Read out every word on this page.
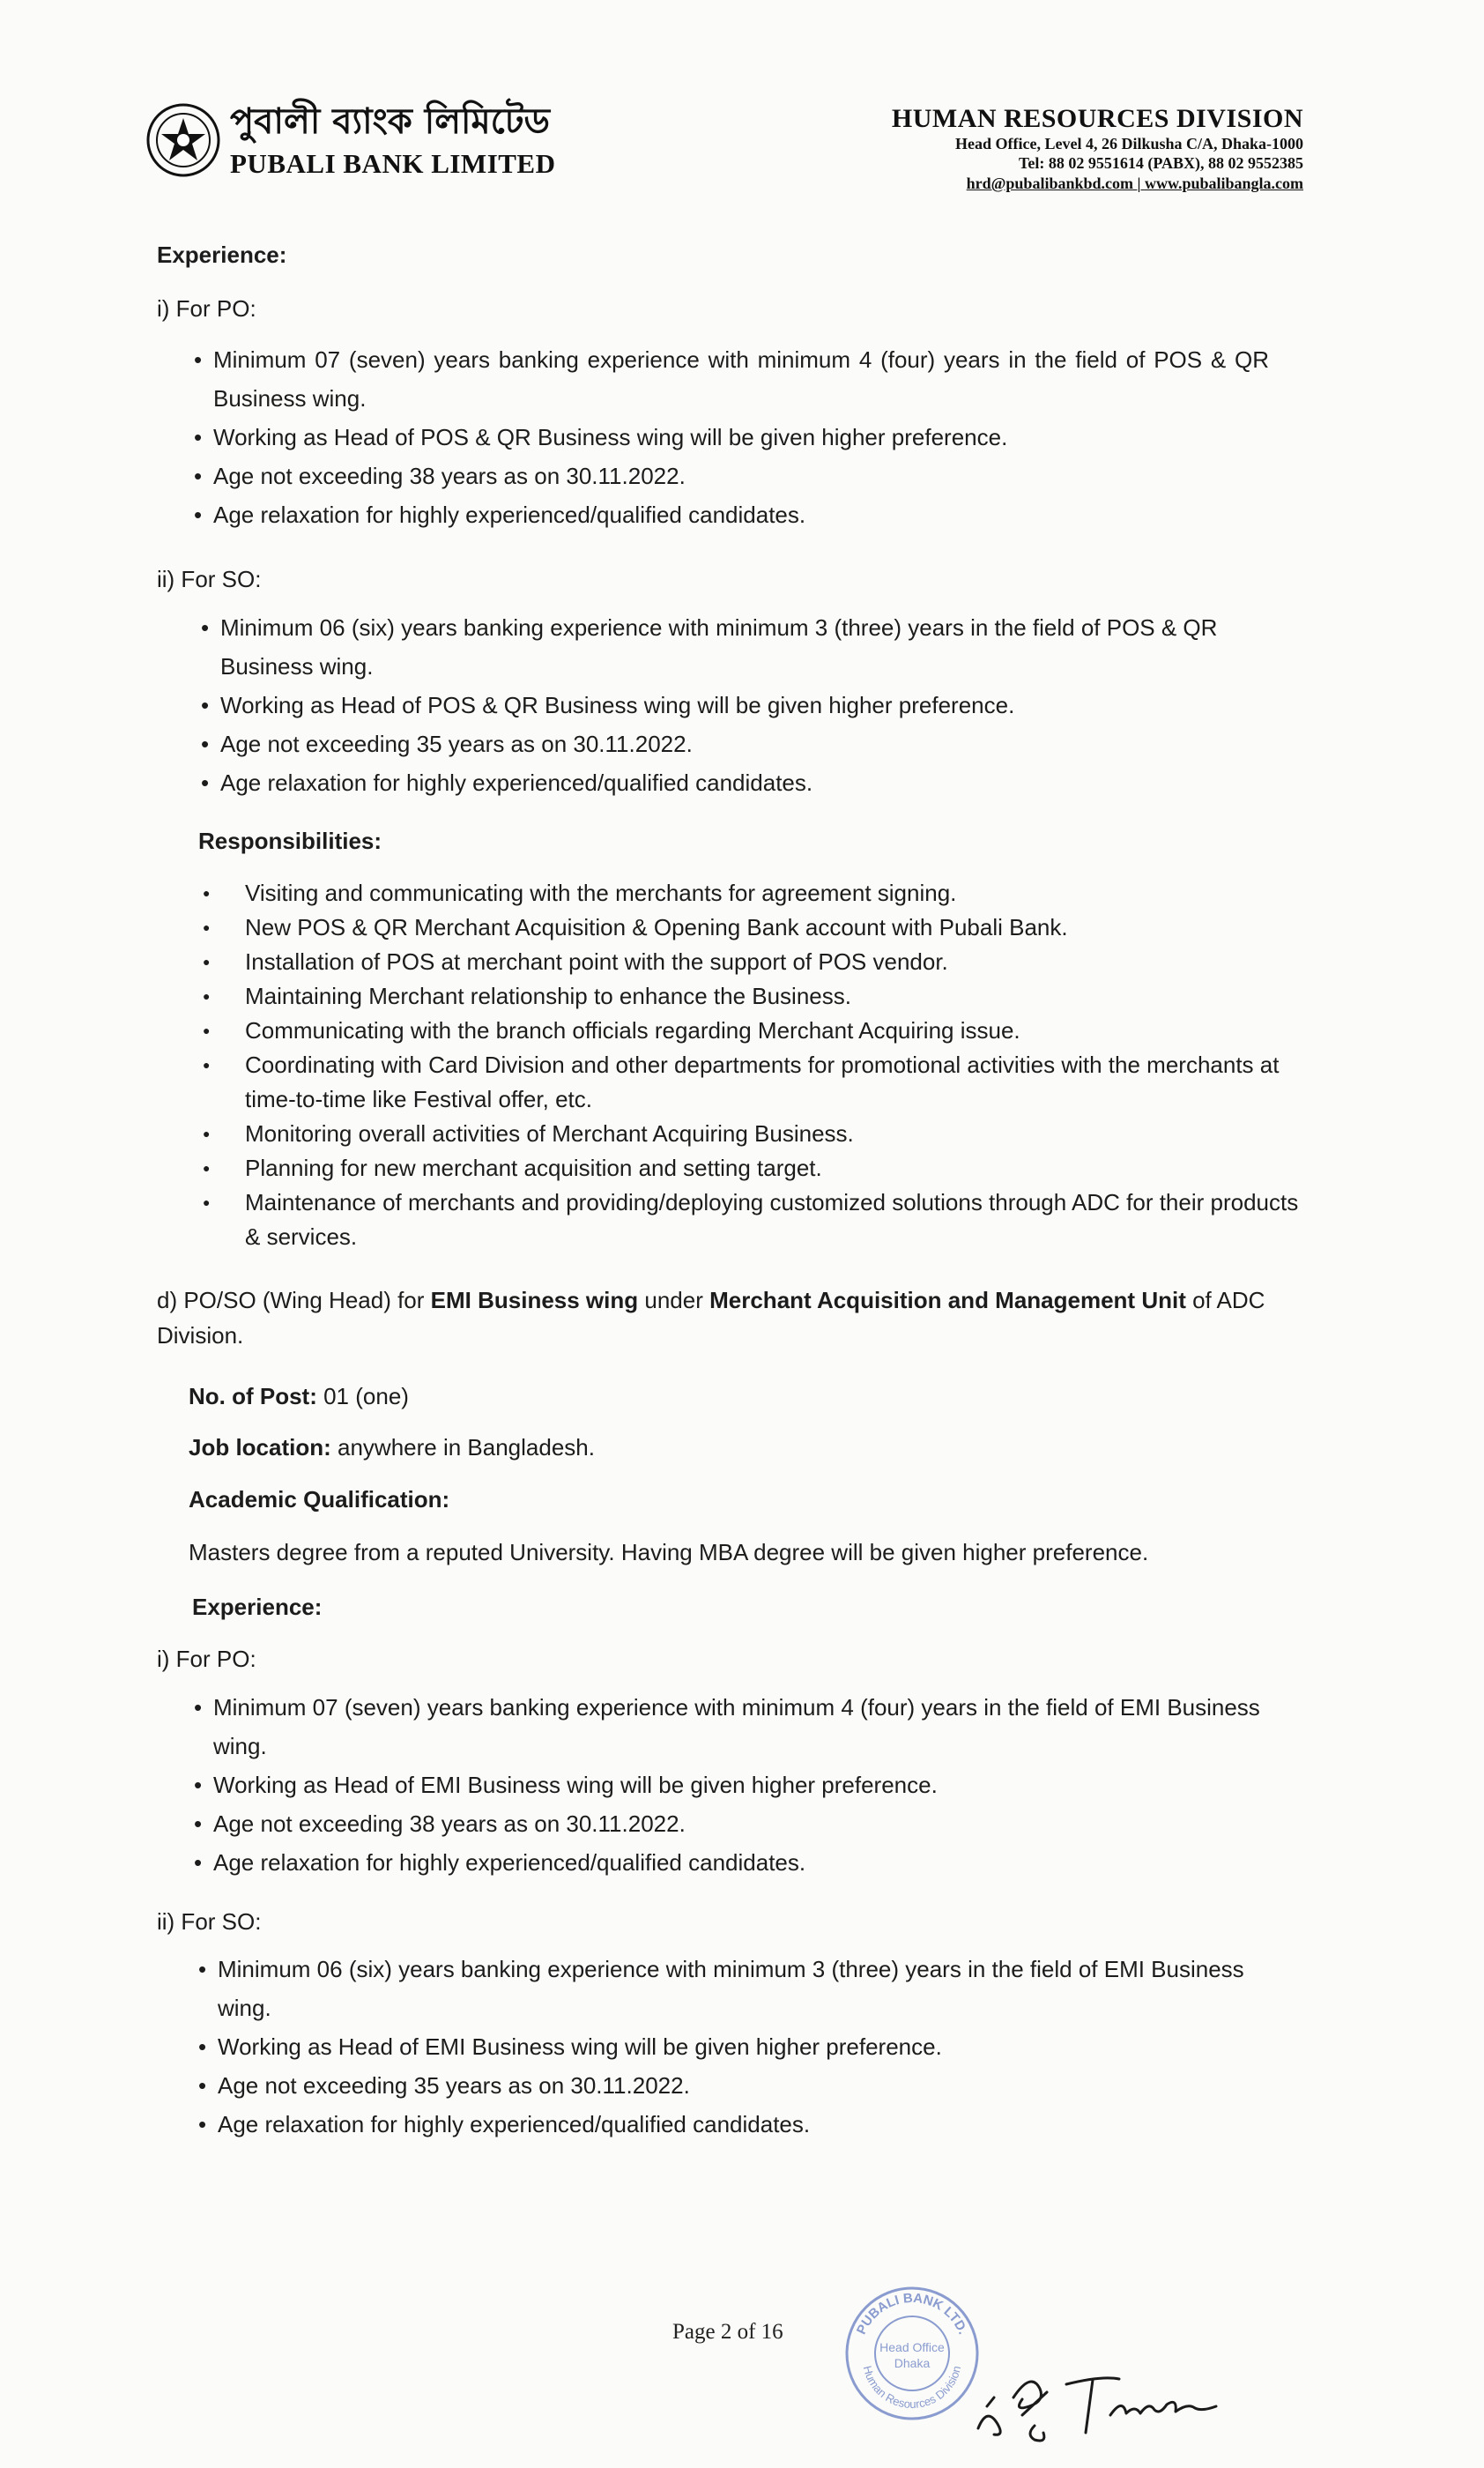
পুবালী ব্যাংক লিমিটেড
PUBALI BANK LIMITED
HUMAN RESOURCES DIVISION
Head Office, Level 4, 26 Dilkusha C/A, Dhaka-1000
Tel: 88 02 9551614 (PABX), 88 02 9552385
hrd@pubalibankbd.com | www.pubalibangla.com
Experience:
i) For PO:
• Minimum 07 (seven) years banking experience with minimum 4 (four) years in the field of POS & QR Business wing.
• Working as Head of POS & QR Business wing will be given higher preference.
• Age not exceeding 38 years as on 30.11.2022.
• Age relaxation for highly experienced/qualified candidates.
ii) For SO:
• Minimum 06 (six) years banking experience with minimum 3 (three) years in the field of POS & QR Business wing.
• Working as Head of POS & QR Business wing will be given higher preference.
• Age not exceeding 35 years as on 30.11.2022.
• Age relaxation for highly experienced/qualified candidates.
Responsibilities:
● Visiting and communicating with the merchants for agreement signing.
● New POS & QR Merchant Acquisition & Opening Bank account with Pubali Bank.
● Installation of POS at merchant point with the support of POS vendor.
● Maintaining Merchant relationship to enhance the Business.
● Communicating with the branch officials regarding Merchant Acquiring issue.
● Coordinating with Card Division and other departments for promotional activities with the merchants at time-to-time like Festival offer, etc.
● Monitoring overall activities of Merchant Acquiring Business.
● Planning for new merchant acquisition and setting target.
● Maintenance of merchants and providing/deploying customized solutions through ADC for their products & services.
d) PO/SO (Wing Head) for EMI Business wing under Merchant Acquisition and Management Unit of ADC Division.
No. of Post: 01 (one)
Job location: anywhere in Bangladesh.
Academic Qualification:
Masters degree from a reputed University. Having MBA degree will be given higher preference.
Experience:
i) For PO:
• Minimum 07 (seven) years banking experience with minimum 4 (four) years in the field of EMI Business wing.
• Working as Head of EMI Business wing will be given higher preference.
• Age not exceeding 38 years as on 30.11.2022.
• Age relaxation for highly experienced/qualified candidates.
ii) For SO:
• Minimum 06 (six) years banking experience with minimum 3 (three) years in the field of EMI Business wing.
• Working as Head of EMI Business wing will be given higher preference.
• Age not exceeding 35 years as on 30.11.2022.
• Age relaxation for highly experienced/qualified candidates.
Page 2 of 16	PUBALI BANK LTD.
Human Resources Division
Head Office
Dhaka
